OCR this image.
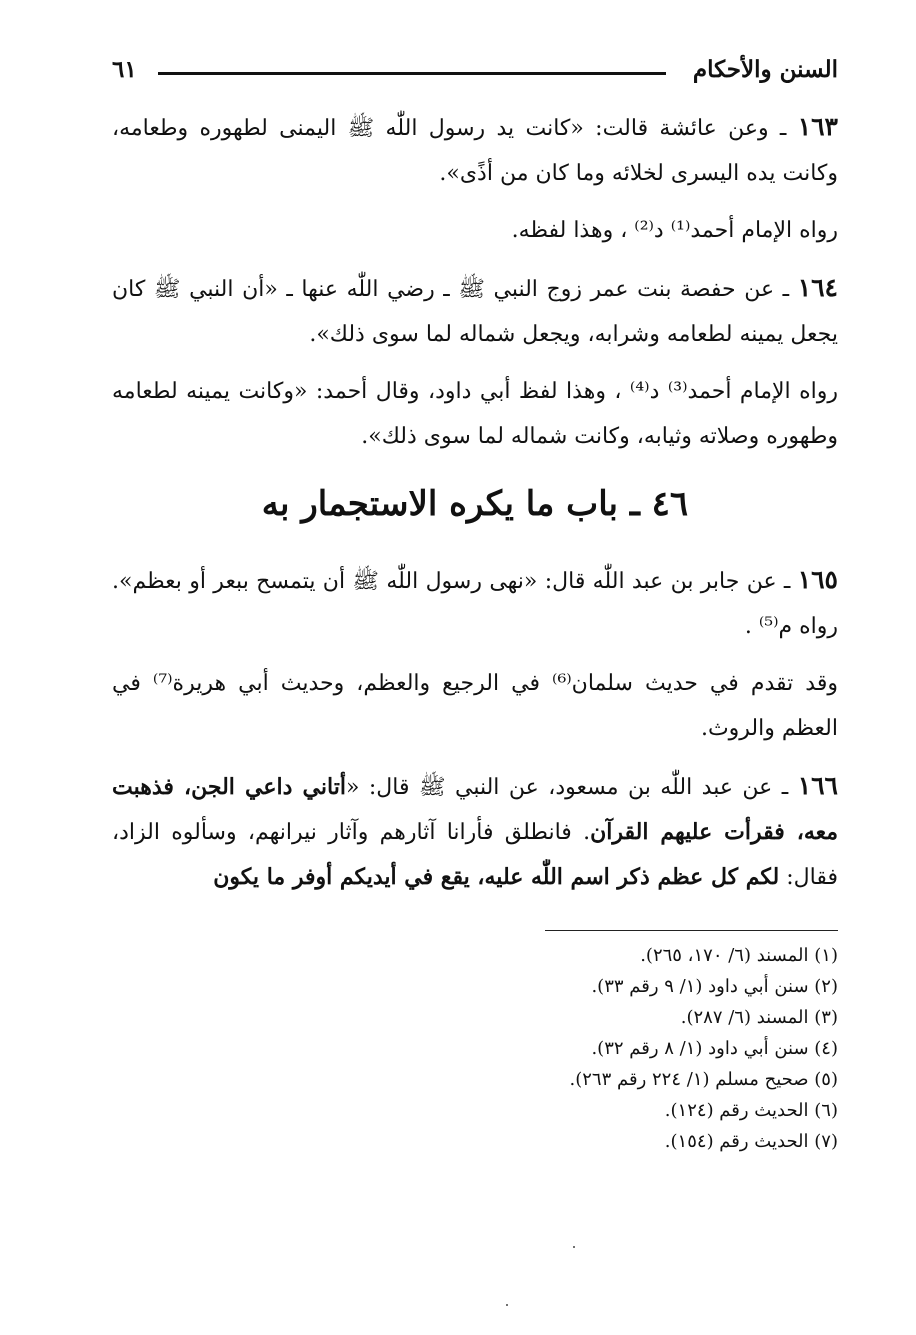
السنن والأحكام
٦١

١٦٣ ـ وعن عائشة قالت: «كانت يد رسول اللّٰه ﷺ اليمنى لطهوره وطعامه، وكانت يده اليسرى لخلائه وما كان من أذًى».

رواه الإمام أحمد⁽¹⁾ د⁽²⁾ ، وهذا لفظه.

١٦٤ ـ عن حفصة بنت عمر زوج النبي ﷺ ـ رضي اللّٰه عنها ـ «أن النبي ﷺ كان يجعل يمينه لطعامه وشرابه، ويجعل شماله لما سوى ذلك».

رواه الإمام أحمد⁽³⁾ د⁽⁴⁾ ، وهذا لفظ أبي داود، وقال أحمد: «وكانت يمينه لطعامه وطهوره وصلاته وثيابه، وكانت شماله لما سوى ذلك».

٤٦ ـ باب ما يكره الاستجمار به

١٦٥ ـ عن جابر بن عبد اللّٰه قال: «نهى رسول اللّٰه ﷺ أن يتمسح ببعر أو بعظم». رواه م⁽⁵⁾ .

وقد تقدم في حديث سلمان⁽⁶⁾ في الرجيع والعظم، وحديث أبي هريرة⁽⁷⁾ في العظم والروث.

١٦٦ ـ عن عبد اللّٰه بن مسعود، عن النبي ﷺ قال: «أتاني داعي الجن، فذهبت معه، فقرأت عليهم القرآن. فانطلق فأرانا آثارهم وآثار نيرانهم، وسألوه الزاد، فقال: لكم كل عظم ذكر اسم اللّٰه عليه، يقع في أيديكم أوفر ما يكون

(١) المسند (٦/ ١٧٠، ٢٦٥).
(٢) سنن أبي داود (١/ ٩ رقم ٣٣).
(٣) المسند (٦/ ٢٨٧).
(٤) سنن أبي داود (١/ ٨ رقم ٣٢).
(٥) صحيح مسلم (١/ ٢٢٤ رقم ٢٦٣).
(٦) الحديث رقم (١٢٤).
(٧) الحديث رقم (١٥٤).
